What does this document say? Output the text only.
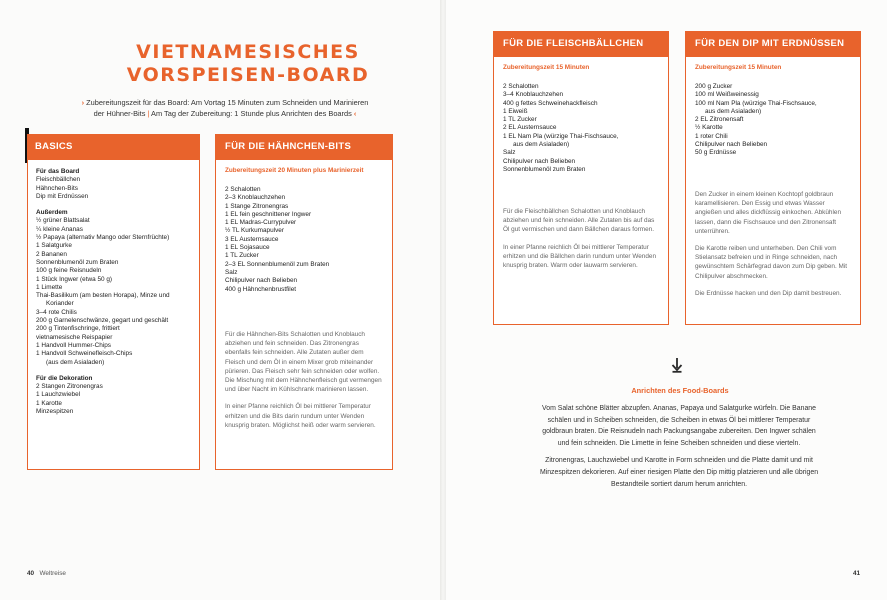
VIETNAMESISCHES
VORSPEISEN-BOARD
› Zubereitungszeit für das Board: Am Vortag 15 Minuten zum Schneiden und Marinieren
der Hühner-Bits | Am Tag der Zubereitung: 1 Stunde plus Anrichten des Boards ‹
BASICS
Für das Board
Fleischbällchen
Hähnchen-Bits
Dip mit Erdnüssen
Außerdem
½ grüner Blattsalat
¼ kleine Ananas
½ Papaya (alternativ Mango oder Sternfrüchte)
1 Salatgurke
2 Bananen
Sonnenblumenöl zum Braten
100 g feine Reisnudeln
1 Stück Ingwer (etwa 50 g)
1 Limette
Thai-Basilikum (am besten Horapa), Minze und
Koriander
3–4 rote Chilis
200 g Garnelenschwänze, gegart und geschält
200 g Tintenfischringe, frittiert
vietnamesische Reispapier
1 Handvoll Hummer-Chips
1 Handvoll Schweinefleisch-Chips
(aus dem Asialaden)
Für die Dekoration
2 Stangen Zitronengras
1 Lauchzwiebel
1 Karotte
Minzespitzen
FÜR DIE HÄHNCHEN-BITS
Zubereitungszeit 20 Minuten plus Marinierzeit
2 Schalotten
2–3 Knoblauchzehen
1 Stange Zitronengras
1 EL fein geschnittener Ingwer
1 EL Madras-Currypulver
½ TL Kurkumapulver
3 EL Austernsauce
1 EL Sojasauce
1 TL Zucker
2–3 EL Sonnenblumenöl zum Braten
Salz
Chilipulver nach Belieben
400 g Hähnchenbrustfilet

Für die Hähnchen-Bits Schalotten und Knoblauch abziehen und fein schneiden. Das Zitronengras ebenfalls fein schneiden. Alle Zutaten außer dem Fleisch und dem Öl in einem Mixer grob miteinander pürieren. Das Fleisch sehr fein schneiden oder wolfen. Die Mischung mit dem Hähnchenfleisch gut vermengen und über Nacht im Kühlschrank marinieren lassen.

In einer Pfanne reichlich Öl bei mittlerer Temperatur erhitzen und die Bits darin rundum unter Wenden knusprig braten. Möglichst heiß oder warm servieren.

FÜR DIE FLEISCHBÄLLCHEN
Zubereitungszeit 15 Minuten
2 Schalotten
3–4 Knoblauchzehen
400 g fettes Schweinehackfleisch
1 Eiweiß
1 TL Zucker
2 EL Austernsauce
1 EL Nam Pla (würzige Thai-Fischsauce,
aus dem Asialaden)
Salz
Chilipulver nach Belieben
Sonnenblumenöl zum Braten

Für die Fleischbällchen Schalotten und Knoblauch abziehen und fein schneiden. Alle Zutaten bis auf das Öl gut vermischen und dann Bällchen daraus formen.

In einer Pfanne reichlich Öl bei mittlerer Temperatur erhitzen und die Bällchen darin rundum unter Wenden knusprig braten. Warm oder lauwarm servieren.

FÜR DEN DIP MIT ERDNÜSSEN
Zubereitungszeit 15 Minuten
200 g Zucker
100 ml Weißweinessig
100 ml Nam Pla (würzige Thai-Fischsauce,
aus dem Asialaden)
2 EL Zitronensaft
½ Karotte
1 roter Chili
Chilipulver nach Belieben
50 g Erdnüsse

Den Zucker in einem kleinen Kochtopf goldbraun karamellisieren. Den Essig und etwas Wasser angießen und alles dickflüssig einkochen. Abkühlen lassen, dann die Fischsauce und den Zitronensaft unterrühren.

Die Karotte reiben und unterheben. Den Chili vom Stielansatz befreien und in Ringe schneiden, nach gewünschtem Schärfegrad davon zum Dip geben. Mit Chilipulver abschmecken.

Die Erdnüsse hacken und den Dip damit bestreuen.

Anrichten des Food-Boards

Vom Salat schöne Blätter abzupfen. Ananas, Papaya und Salatgurke würfeln. Die Banane schälen und in Scheiben schneiden, die Scheiben in etwas Öl bei mittlerer Temperatur goldbraun braten. Die Reisnudeln nach Packungsangabe zubereiten. Den Ingwer schälen und fein schneiden. Die Limette in feine Scheiben schneiden und diese vierteln.

Zitronengras, Lauchzwiebel und Karotte in Form schneiden und die Platte damit und mit Minzespitzen dekorieren. Auf einer riesigen Platte den Dip mittig platzieren und alle übrigen Bestandteile sortiert darum herum anrichten.

40 Weltreise	41
